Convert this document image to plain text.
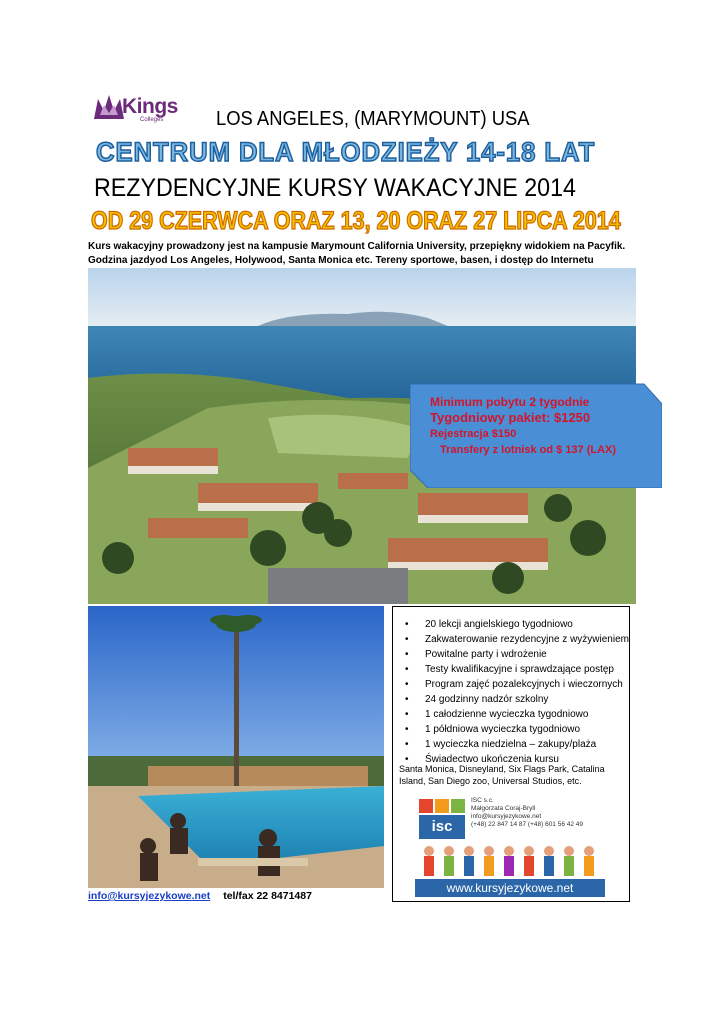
Kings
Colleges	LOS ANGELES, (MARYMOUNT) USA
CENTRUM DLA MŁODZIEŻY 14-18 LAT
REZYDENCYJNE KURSY WAKACYJNE 2014
OD 29 CZERWCA ORAZ 13, 20 ORAZ 27 LIPCA 2014
Kurs wakacyjny prowadzony jest na kampusie Marymount California University, przepiękny widokiem na Pacyfik.
Godzina jazdyod Los Angeles, Holywood, Santa Monica etc. Tereny sportowe, basen, i dostęp do Internetu
Minimum pobytu 2 tygodnie
Tygodniowy pakiet: $1250
Rejestracja $150
Transfery z lotnisk od $ 137 (LAX)
• 20 lekcji angielskiego tygodniowo
• Zakwaterowanie rezydencyjne z wyżywieniem
• Powitalne party i wdrożenie
• Testy kwalifikacyjne i sprawdzające postęp
• Program zajęć pozalekcyjnych i wieczornych
• 24 godzinny nadzór szkolny
• 1 całodzienne wycieczka tygodniowo
• 1 półdniowa wycieczka tygodniowo
• 1 wycieczka niedzielna – zakupy/plaża
• Świadectwo ukończenia kursu
Santa Monica, Disneyland, Six Flags Park, Catalina Island, San Diego zoo, Universal Studios, etc.
isc
ISC s.c.
Małgorzata Coraj-Bryll
info@kursyjezykowe.net
(+48) 22 847 14 87 (+48) 601 56 42 49
www.kursyjezykowe.net
info@kursyjezykowe.net tel/fax 22 8471487
